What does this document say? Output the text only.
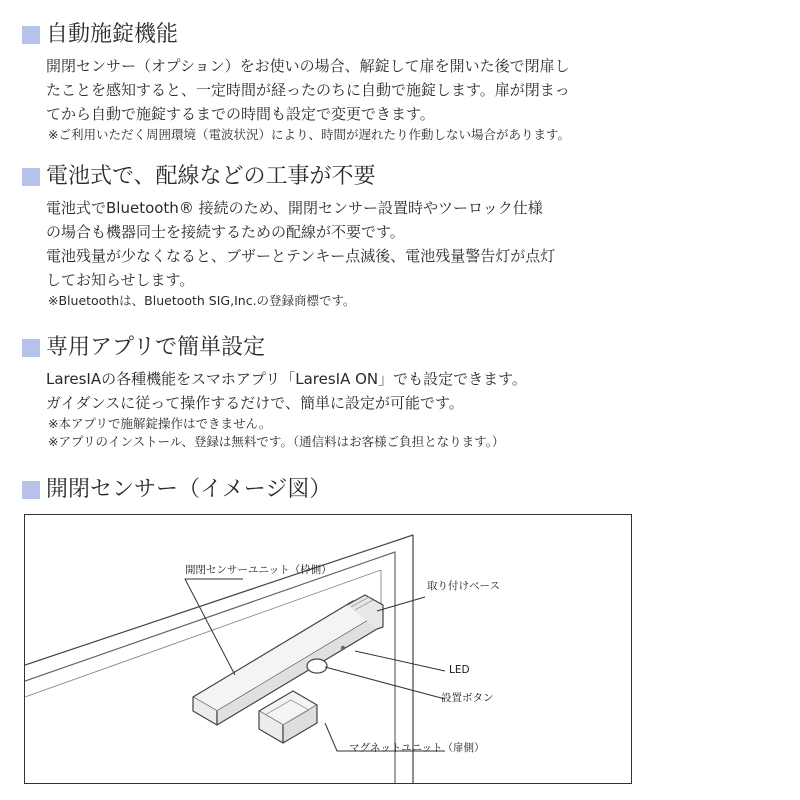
自動施錠機能
開閉センサー（オプション）をお使いの場合、解錠して扉を開いた後で閉扉し
たことを感知すると、一定時間が経ったのちに自動で施錠します。扉が閉まっ
てから自動で施錠するまでの時間も設定で変更できます。
※ご利用いただく周囲環境（電波状況）により、時間が遅れたり作動しない場合があります。
電池式で、配線などの工事が不要
電池式でBluetooth® 接続のため、開閉センサー設置時やツーロック仕様
の場合も機器同士を接続するための配線が不要です。
電池残量が少なくなると、ブザーとテンキー点滅後、電池残量警告灯が点灯
してお知らせします。
※Bluetoothは、Bluetooth SIG,Inc.の登録商標です。
専用アプリで簡単設定
LaresIAの各種機能をスマホアプリ「LaresIA ON」でも設定できます。
ガイダンスに従って操作するだけで、簡単に設定が可能です。
※本アプリで施解錠操作はできません。
※アプリのインストール、登録は無料です。（通信料はお客様ご負担となります。）
開閉センサー（イメージ図）
開閉センサーユニット（枠側）
取り付けベース
LED
設置ボタン
マグネットユニット（扉側）
